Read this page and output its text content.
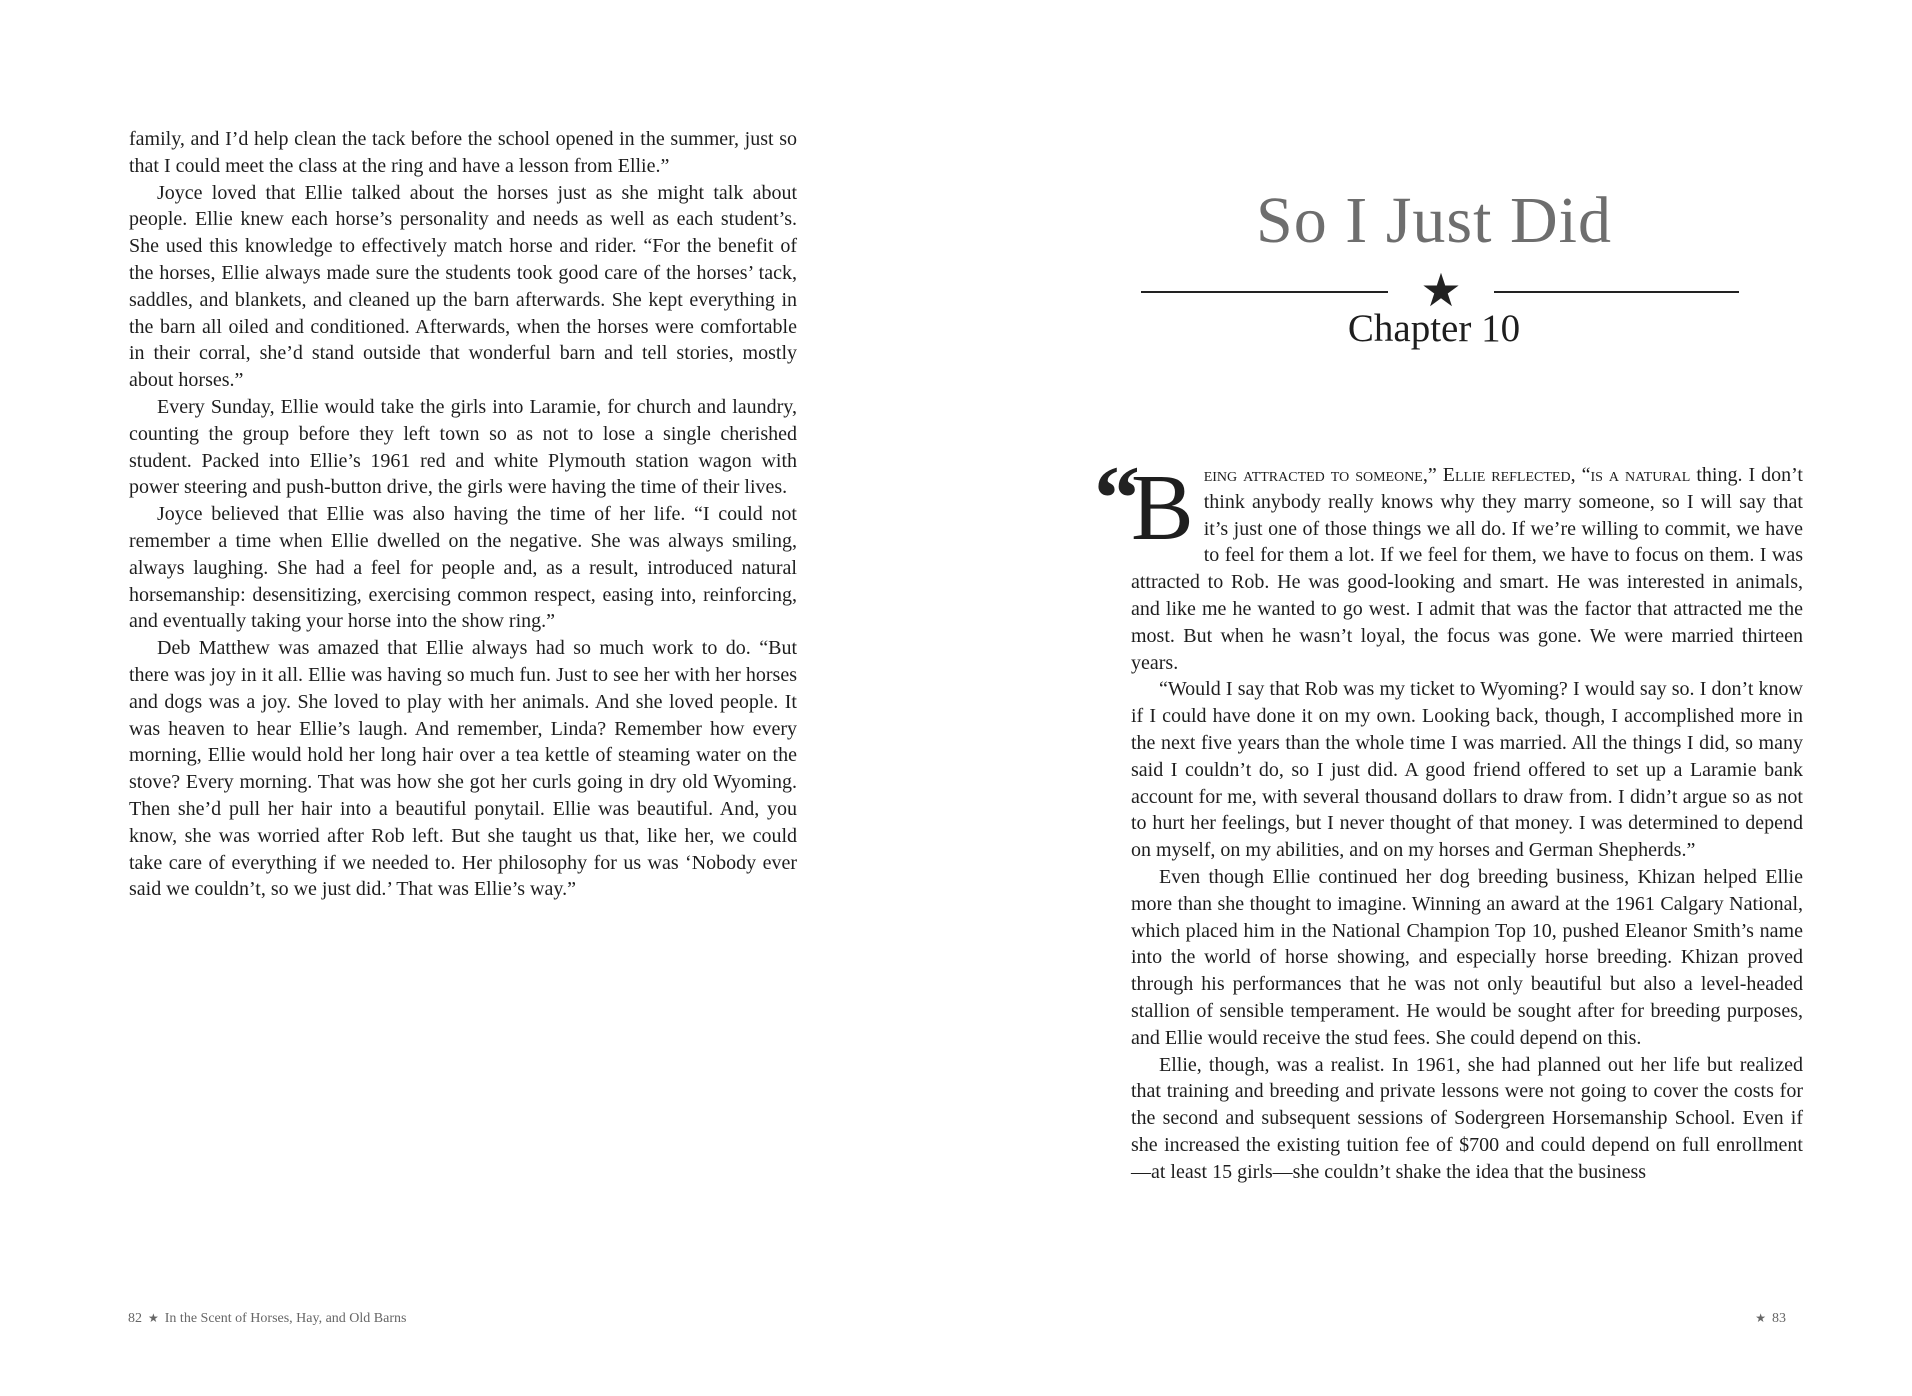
family, and I’d help clean the tack before the school opened in the summer, just so that I could meet the class at the ring and have a lesson from Ellie.”

Joyce loved that Ellie talked about the horses just as she might talk about people. Ellie knew each horse’s personality and needs as well as each student’s. She used this knowledge to effectively match horse and rider. “For the benefit of the horses, Ellie always made sure the students took good care of the horses’ tack, saddles, and blankets, and cleaned up the barn afterwards. She kept everything in the barn all oiled and conditioned. Afterwards, when the horses were comfortable in their corral, she’d stand outside that wonderful barn and tell stories, mostly about horses.”

Every Sunday, Ellie would take the girls into Laramie, for church and laundry, counting the group before they left town so as not to lose a single cherished student. Packed into Ellie’s 1961 red and white Plymouth station wagon with power steering and push-button drive, the girls were having the time of their lives.

Joyce believed that Ellie was also having the time of her life. “I could not remember a time when Ellie dwelled on the negative. She was always smiling, always laughing. She had a feel for people and, as a result, introduced natural horsemanship: desensitizing, exercising common respect, easing into, reinforcing, and eventually taking your horse into the show ring.”

Deb Matthew was amazed that Ellie always had so much work to do. “But there was joy in it all. Ellie was having so much fun. Just to see her with her horses and dogs was a joy. She loved to play with her animals. And she loved people. It was heaven to hear Ellie’s laugh. And remember, Linda? Remember how every morning, Ellie would hold her long hair over a tea kettle of steaming water on the stove? Every morning. That was how she got her curls going in dry old Wyoming. Then she’d pull her hair into a beautiful ponytail. Ellie was beautiful. And, you know, she was worried after Rob left. But she taught us that, like her, we could take care of everything if we needed to. Her philosophy for us was ‘Nobody ever said we couldn’t, so we just did.’ That was Ellie’s way.”

82 ★ In the Scent of Horses, Hay, and Old Barns
So I Just Did
★
Chapter 10
“

Being attracted to someone,” Ellie reflected, “is a natural thing. I don’t think anybody really knows why they marry someone, so I will say that it’s just one of those things we all do. If we’re willing to commit, we have to feel for them a lot. If we feel for them, we have to focus on them. I was attracted to Rob. He was good-looking and smart. He was interested in animals, and like me he wanted to go west. I admit that was the factor that attracted me the most. But when he wasn’t loyal, the focus was gone. We were married thirteen years.

“Would I say that Rob was my ticket to Wyoming? I would say so. I don’t know if I could have done it on my own. Looking back, though, I accomplished more in the next five years than the whole time I was married. All the things I did, so many said I couldn’t do, so I just did. A good friend offered to set up a Laramie bank account for me, with several thousand dollars to draw from. I didn’t argue so as not to hurt her feelings, but I never thought of that money. I was determined to depend on myself, on my abilities, and on my horses and German Shepherds.”

Even though Ellie continued her dog breeding business, Khizan helped Ellie more than she thought to imagine. Winning an award at the 1961 Calgary National, which placed him in the National Champion Top 10, pushed Eleanor Smith’s name into the world of horse showing, and especially horse breeding. Khizan proved through his performances that he was not only beautiful but also a level-headed stallion of sensible temperament. He would be sought after for breeding purposes, and Ellie would receive the stud fees. She could depend on this.

Ellie, though, was a realist. In 1961, she had planned out her life but realized that training and breeding and private lessons were not going to cover the costs for the second and subsequent sessions of Sodergreen Horsemanship School. Even if she increased the existing tuition fee of $700 and could depend on full enrollment—at least 15 girls—she couldn’t shake the idea that the business

★ 83
